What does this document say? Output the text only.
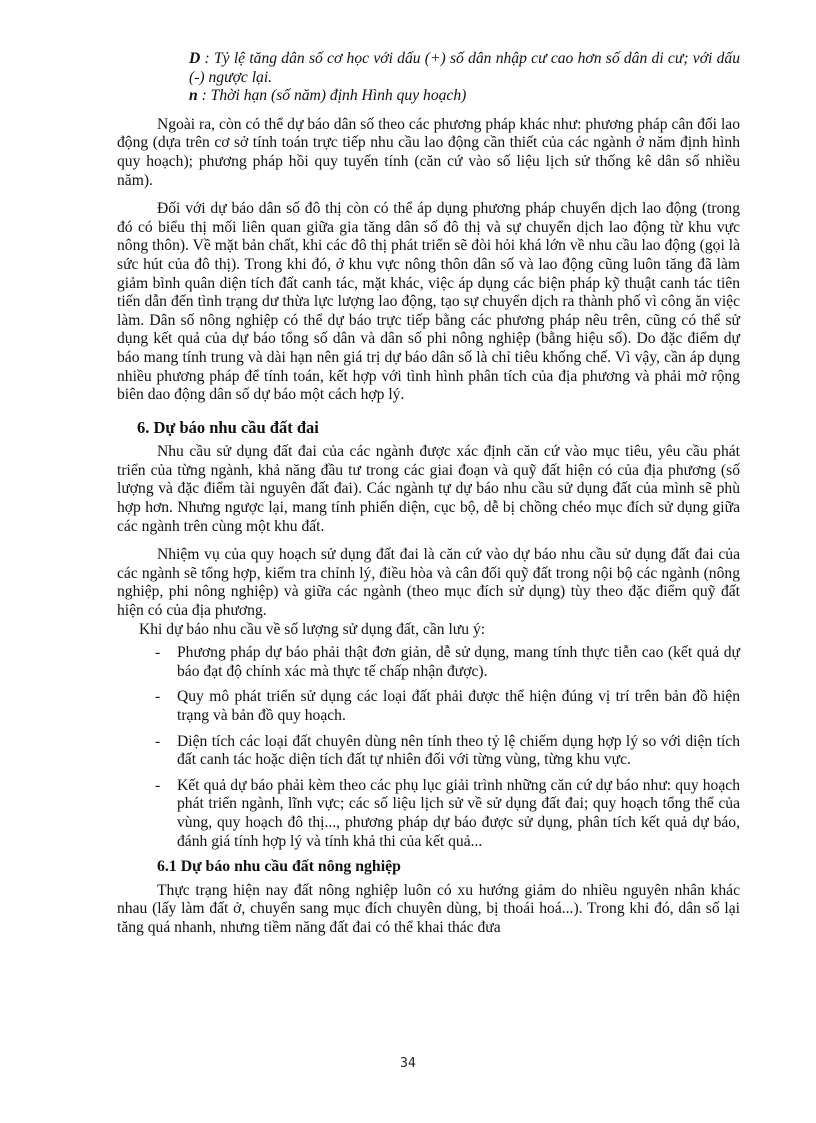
D : Tỷ lệ tăng dân số cơ học với dấu (+) số dân nhập cư cao hơn số dân di cư; với dấu (-) ngược lại.

n : Thời hạn (số năm) định Hình quy hoạch)

Ngoài ra, còn có thể dự báo dân số theo các phương pháp khác như: phương pháp cân đối lao động (dựa trên cơ sở tính toán trực tiếp nhu cầu lao động cần thiết của các ngành ở năm định hình quy hoạch); phương pháp hồi quy tuyến tính (căn cứ vào số liệu lịch sử thống kê dân số nhiều năm).

Đối với dự báo dân số đô thị còn có thể áp dụng phương pháp chuyển dịch lao động (trong đó có biểu thị mối liên quan giữa gia tăng dân số đô thị và sự chuyển dịch lao động từ khu vực nông thôn). Về mặt bản chất, khi các đô thị phát triển sẽ đòi hỏi khá lớn về nhu cầu lao động (gọi là sức hút của đô thị). Trong khi đó, ở khu vực nông thôn dân số và lao động cũng luôn tăng đã làm giảm bình quân diện tích đất canh tác, mặt khác, việc áp dụng các biện pháp kỹ thuật canh tác tiên tiến dẫn đến tình trạng dư thừa lực lượng lao động, tạo sự chuyển dịch ra thành phố vì công ăn việc làm. Dân số nông nghiệp có thể dự báo trực tiếp bằng các phương pháp nêu trên, cũng có thể sử dụng kết quả của dự báo tổng số dân và dân số phi nông nghiệp (bằng hiệu số). Do đặc điểm dự báo mang tính trung và dài hạn nên giá trị dự báo dân số là chỉ tiêu khống chế. Vì vậy, cần áp dụng nhiều phương pháp để tính toán, kết hợp với tình hình phân tích của địa phương và phải mở rộng biên dao động dân số dự báo một cách hợp lý.

6. Dự báo nhu cầu đất đai

Nhu cầu sử dụng đất đai của các ngành được xác định căn cứ vào mục tiêu, yêu cầu phát triển của từng ngành, khả năng đầu tư trong các giai đoạn và quỹ đất hiện có của địa phương (số lượng và đặc điểm tài nguyên đất đai). Các ngành tự dự báo nhu cầu sử dụng đất của mình sẽ phù hợp hơn. Nhưng ngược lại, mang tính phiến diện, cục bộ, dễ bị chồng chéo mục đích sử dụng giữa các ngành trên cùng một khu đất.

Nhiệm vụ của quy hoạch sử dụng đất đai là căn cứ vào dự báo nhu cầu sử dụng đất đai của các ngành sẽ tổng hợp, kiểm tra chỉnh lý, điều hòa và cân đối quỹ đất trong nội bộ các ngành (nông nghiệp, phi nông nghiệp) và giữa các ngành (theo mục đích sử dụng) tùy theo đặc điểm quỹ đất hiện có của địa phương.

Khi dự báo nhu cầu về số lượng sử dụng đất, cần lưu ý:

- Phương pháp dự báo phải thật đơn giản, dễ sử dụng, mang tính thực tiễn cao (kết quả dự báo đạt độ chính xác mà thực tế chấp nhận được).
- Quy mô phát triển sử dụng các loại đất phải được thể hiện đúng vị trí trên bản đồ hiện trạng và bản đồ quy hoạch.
- Diện tích các loại đất chuyên dùng nên tính theo tỷ lệ chiếm dụng hợp lý so với diện tích đất canh tác hoặc diện tích đất tự nhiên đối với từng vùng, từng khu vực.
- Kết quả dự báo phải kèm theo các phụ lục giải trình những căn cứ dự báo như: quy hoạch phát triển ngành, lĩnh vực; các số liệu lịch sử về sử dụng đất đai; quy hoạch tổng thể của vùng, quy hoạch đô thị..., phương pháp dự báo được sử dụng, phân tích kết quả dự báo, đánh giá tính hợp lý và tính khả thi của kết quả...
6.1 Dự báo nhu cầu đất nông nghiệp

Thực trạng hiện nay đất nông nghiệp luôn có xu hướng giảm do nhiều nguyên nhân khác nhau (lấy làm đất ở, chuyển sang mục đích chuyên dùng, bị thoái hoá...). Trong khi đó, dân số lại tăng quá nhanh, nhưng tiềm năng đất đai có thể khai thác đưa

34
